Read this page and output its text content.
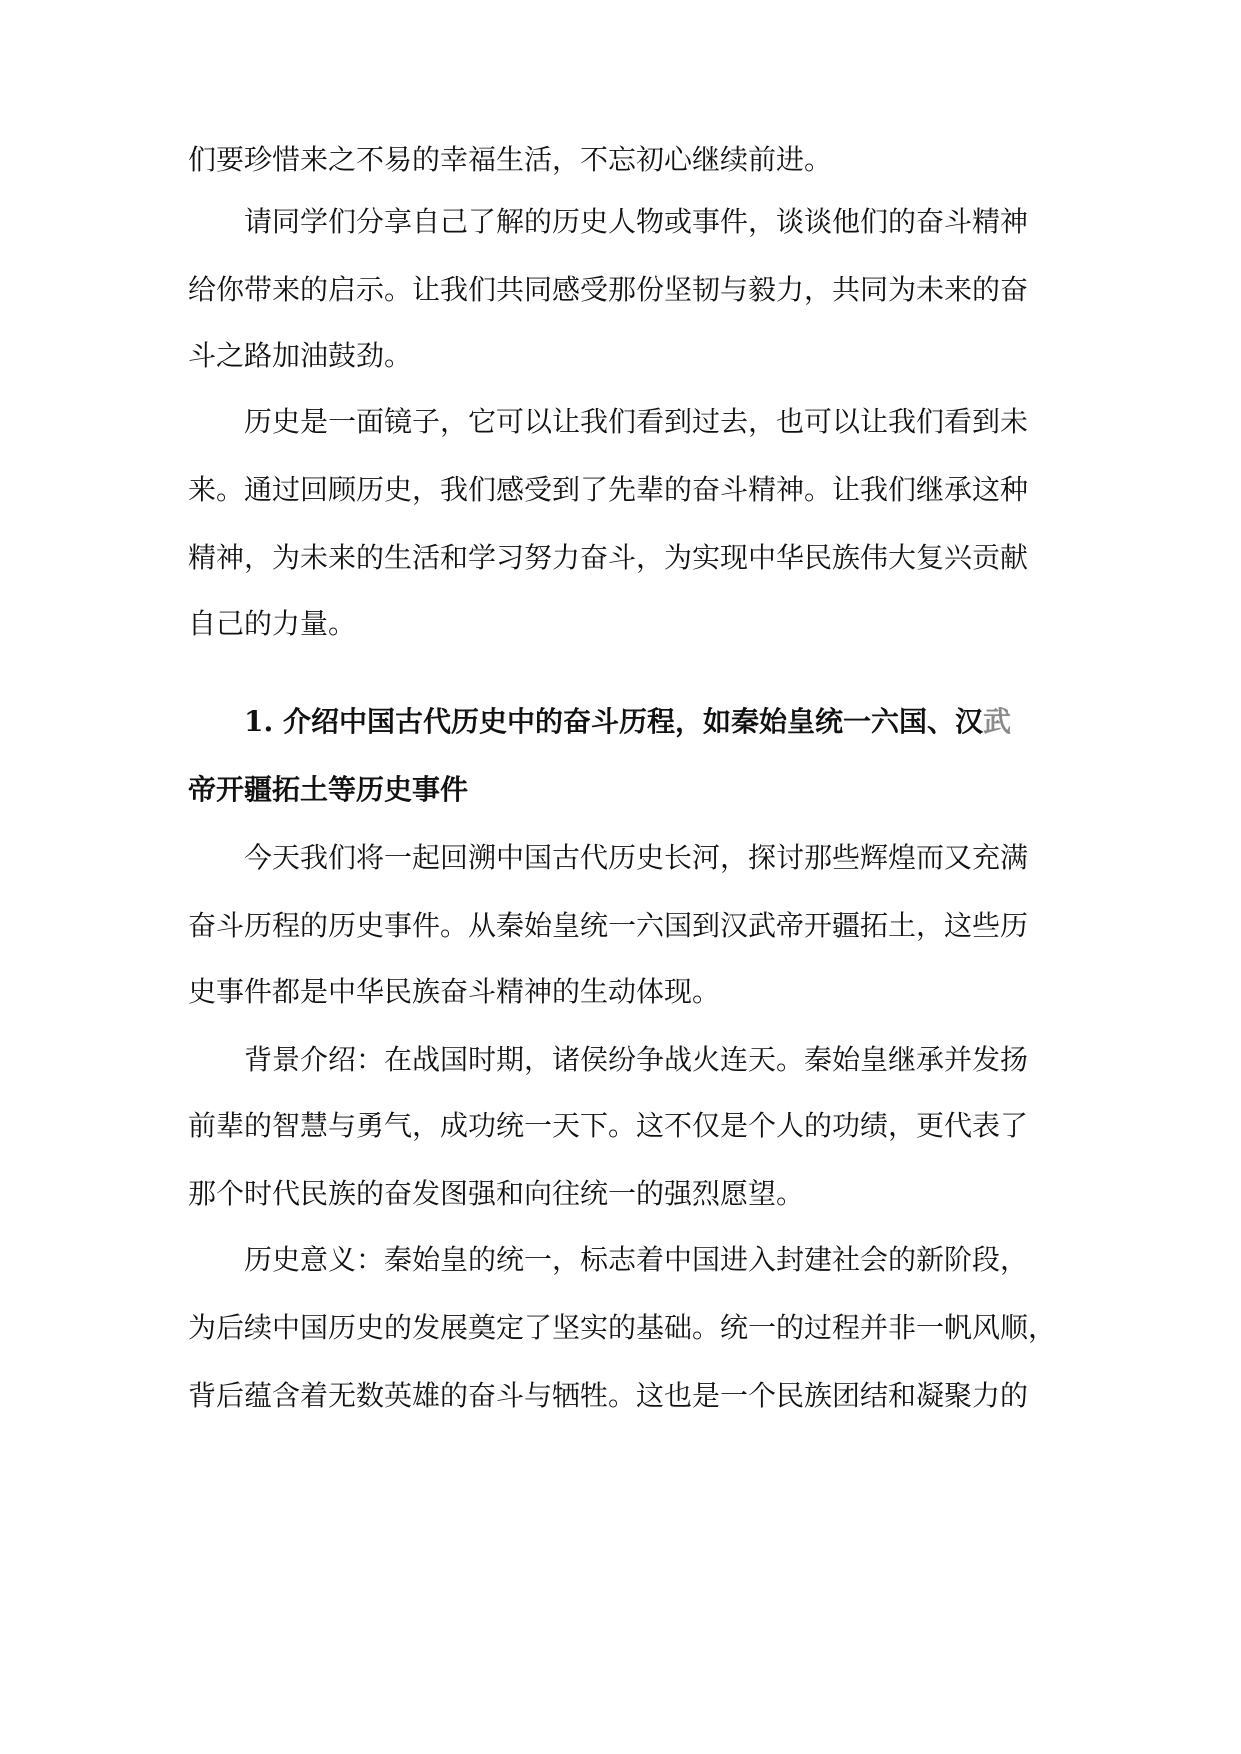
们要珍惜来之不易的幸福生活，不忘初心继续前进。
请同学们分享自己了解的历史人物或事件，谈谈他们的奋斗精神
给你带来的启示。让我们共同感受那份坚韧与毅力，共同为未来的奋
斗之路加油鼓劲。
历史是一面镜子，它可以让我们看到过去，也可以让我们看到未
来。通过回顾历史，我们感受到了先辈的奋斗精神。让我们继承这种
精神，为未来的生活和学习努力奋斗，为实现中华民族伟大复兴贡献
自己的力量。
1. 介绍中国古代历史中的奋斗历程，如秦始皇统一六国、汉武
帝开疆拓土等历史事件
今天我们将一起回溯中国古代历史长河，探讨那些辉煌而又充满
奋斗历程的历史事件。从秦始皇统一六国到汉武帝开疆拓土，这些历
史事件都是中华民族奋斗精神的生动体现。
背景介绍：在战国时期，诸侯纷争战火连天。秦始皇继承并发扬
前辈的智慧与勇气，成功统一天下。这不仅是个人的功绩，更代表了
那个时代民族的奋发图强和向往统一的强烈愿望。
历史意义：秦始皇的统一，标志着中国进入封建社会的新阶段，
为后续中国历史的发展奠定了坚实的基础。统一的过程并非一帆风顺，
背后蕴含着无数英雄的奋斗与牺牲。这也是一个民族团结和凝聚力的
